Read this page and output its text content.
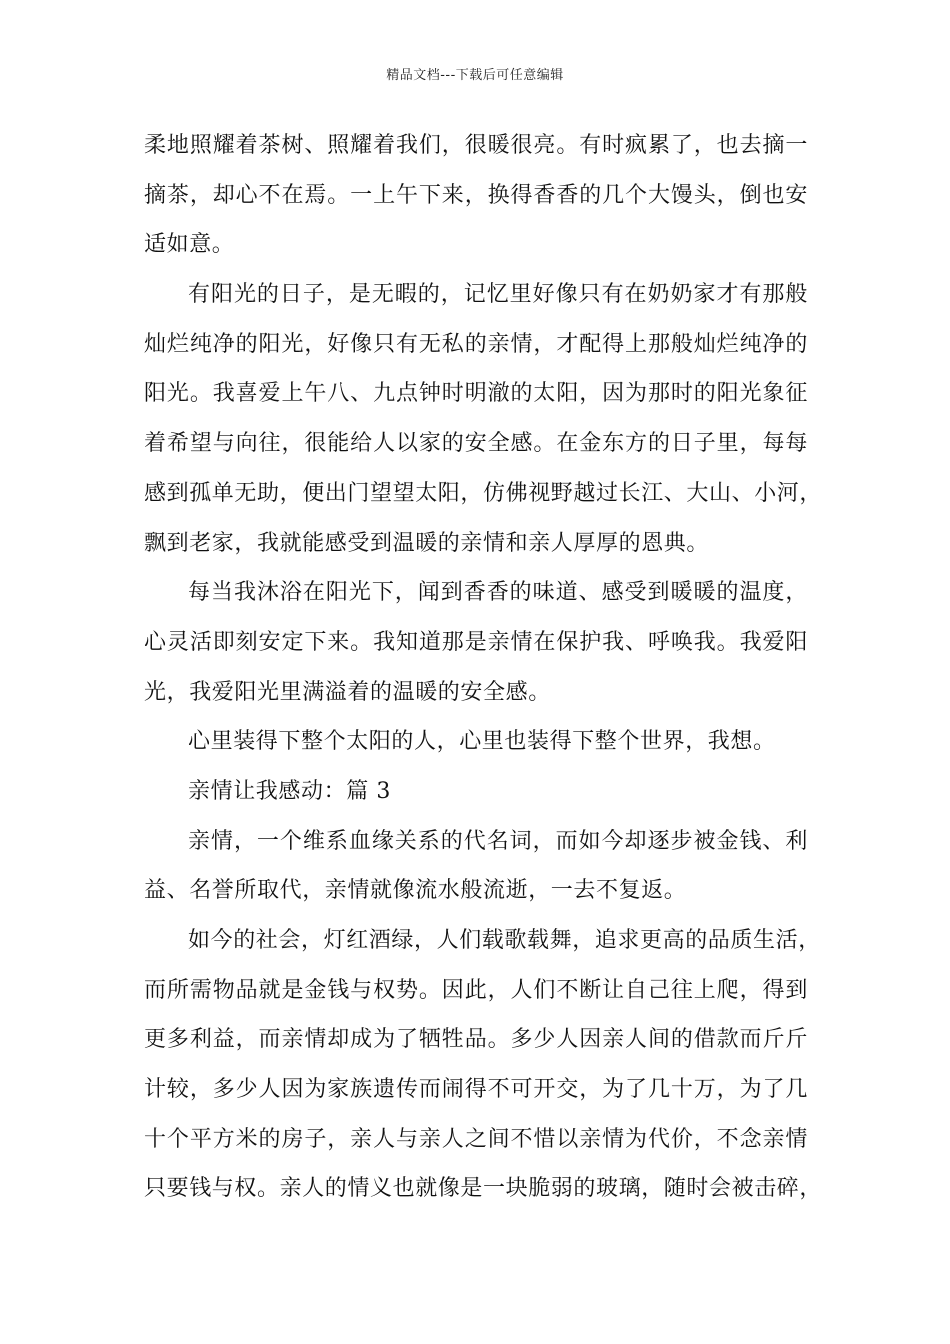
精品文档---下载后可任意编辑
柔地照耀着茶树、照耀着我们，很暖很亮。有时疯累了，也去摘一
摘茶，却心不在焉。一上午下来，换得香香的几个大馒头，倒也安
适如意。
有阳光的日子，是无暇的，记忆里好像只有在奶奶家才有那般
灿烂纯净的阳光，好像只有无私的亲情，才配得上那般灿烂纯净的
阳光。我喜爱上午八、九点钟时明澈的太阳，因为那时的阳光象征
着希望与向往，很能给人以家的安全感。在金东方的日子里，每每
感到孤单无助，便出门望望太阳，仿佛视野越过长江、大山、小河，
飘到老家，我就能感受到温暖的亲情和亲人厚厚的恩典。
每当我沐浴在阳光下，闻到香香的味道、感受到暖暖的温度，
心灵活即刻安定下来。我知道那是亲情在保护我、呼唤我。我爱阳
光，我爱阳光里满溢着的温暖的安全感。
心里装得下整个太阳的人，心里也装得下整个世界，我想。
亲情让我感动：篇 3
亲情，一个维系血缘关系的代名词，而如今却逐步被金钱、利
益、名誉所取代，亲情就像流水般流逝，一去不复返。
如今的社会，灯红酒绿，人们载歌载舞，追求更高的品质生活，
而所需物品就是金钱与权势。因此，人们不断让自己往上爬，得到
更多利益，而亲情却成为了牺牲品。多少人因亲人间的借款而斤斤
计较，多少人因为家族遗传而闹得不可开交，为了几十万，为了几
十个平方米的房子，亲人与亲人之间不惜以亲情为代价，不念亲情
只要钱与权。亲人的情义也就像是一块脆弱的玻璃，随时会被击碎，
